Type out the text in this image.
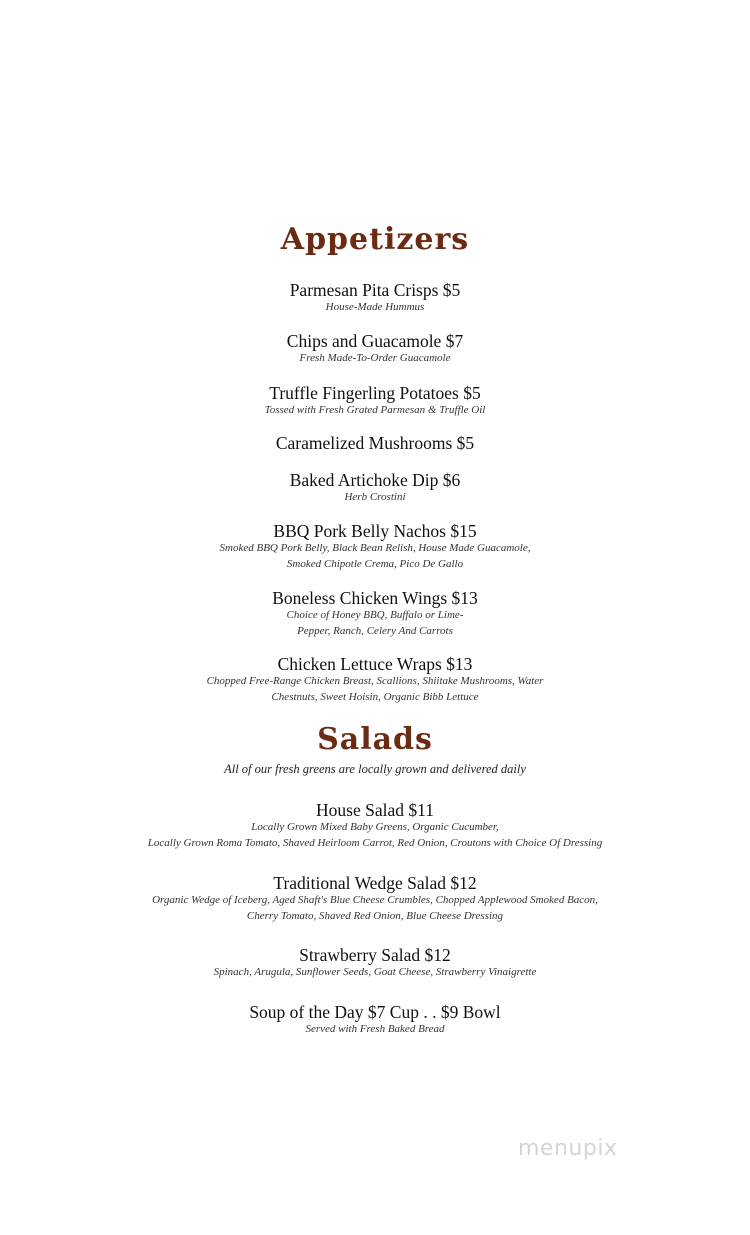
Appetizers
Parmesan Pita Crisps $5
House-Made Hummus
Chips and Guacamole $7
Fresh Made-To-Order Guacamole
Truffle Fingerling Potatoes $5
Tossed with Fresh Grated Parmesan & Truffle Oil
Caramelized Mushrooms $5
Baked Artichoke Dip $6
Herb Crostini
BBQ Pork Belly Nachos $15
Smoked BBQ Pork Belly, Black Bean Relish, House Made Guacamole,
Smoked Chipotle Crema, Pico De Gallo
Boneless Chicken Wings $13
Choice of Honey BBQ, Buffalo or Lime-
Pepper, Ranch, Celery And Carrots
Chicken Lettuce Wraps $13
Chopped Free-Range Chicken Breast, Scallions, Shiitake Mushrooms, Water
Chestnuts, Sweet Hoisin, Organic Bibb Lettuce
Salads
All of our fresh greens are locally grown and delivered daily
House Salad $11
Locally Grown Mixed Baby Greens, Organic Cucumber,
Locally Grown Roma Tomato, Shaved Heirloom Carrot, Red Onion, Croutons with Choice Of Dressing
Traditional Wedge Salad $12
Organic Wedge of Iceberg, Aged Shaft's Blue Cheese Crumbles, Chopped Applewood Smoked Bacon,
Cherry Tomato, Shaved Red Onion, Blue Cheese Dressing
Strawberry Salad $12
Spinach, Arugula, Sunflower Seeds, Goat Cheese, Strawberry Vinaigrette
Soup of the Day $7 Cup . . $9 Bowl
Served with Fresh Baked Bread
menupix
